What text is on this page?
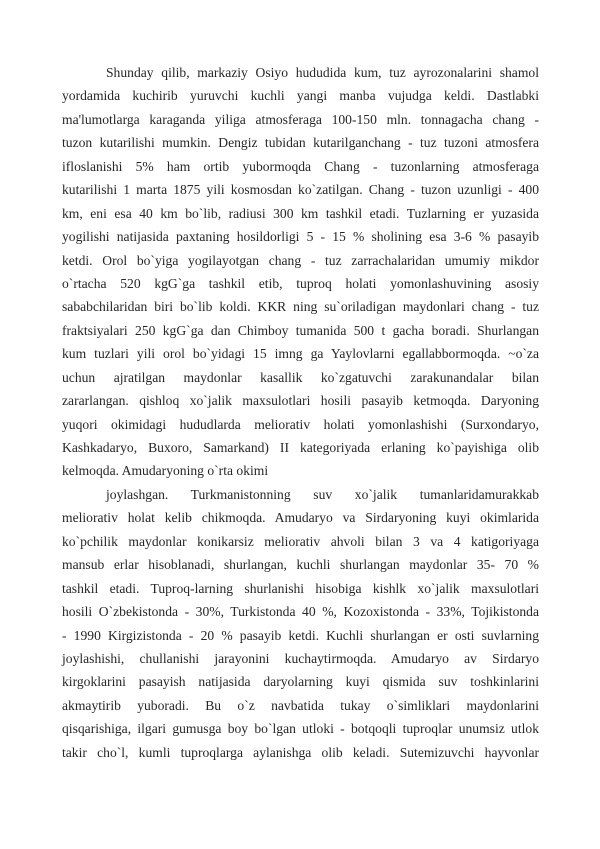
Shunday qilib, markaziy Osiyo hududida kum, tuz ayrozonalarini shamol
yordamida kuchirib yuruvchi kuchli yangi manba vujudga keldi. Dastlabki
ma'lumotlarga karaganda yiliga atmosferaga 100-150 mln. tonnagacha chang -
tuzon kutarilishi mumkin. Dengiz tubidan kutarilganchang - tuz tuzoni atmosfera
ifloslanishi 5% ham ortib yubormoqda Chang - tuzonlarning atmosferaga
kutarilishi 1 marta 1875 yili kosmosdan ko`zatilgan. Chang - tuzon uzunligi - 400
km, eni esa 40 km bo`lib, radiusi 300 km tashkil etadi. Tuzlarning er yuzasida
yogilishi natijasida paxtaning hosildorligi 5 - 15 % sholining esa 3-6 % pasayib
ketdi. Orol bo`yiga yogilayotgan chang - tuz zarrachalaridan umumiy mikdor
o`rtacha 520 kgG`ga tashkil etib, tuproq holati yomonlashuvining asosiy
sababchilaridan biri bo`lib koldi. KKR ning su`oriladigan maydonlari chang - tuz
fraktsiyalari 250 kgG`ga dan Chimboy tumanida 500 t gacha boradi. Shurlangan
kum tuzlari yili orol bo`yidagi 15 imng ga Yaylovlarni egallabbormoqda. ~o`za
uchun ajratilgan maydonlar kasallik ko`zgatuvchi zarakunandalar bilan
zararlangan. qishloq xo`jalik maxsulotlari hosili pasayib ketmoqda. Daryoning
yuqori okimidagi hududlarda meliorativ holati yomonlashishi (Surxondaryo,
Kashkadaryo, Buxoro, Samarkand) II kategoriyada erlaning ko`payishiga olib
kelmoqda. Amudaryoning o`rta okimi
joylashgan. Turkmanistonning suv xo`jalik tumanlaridamurakkab
meliorativ holat kelib chikmoqda. Amudaryo va Sirdaryoning kuyi okimlarida
ko`pchilik maydonlar konikarsiz meliorativ ahvoli bilan 3 va 4 katigoriyaga
mansub erlar hisoblanadi, shurlangan, kuchli shurlangan maydonlar 35- 70 %
tashkil etadi. Tuproq-larning shurlanishi hisobiga kishlk xo`jalik maxsulotlari
hosili O`zbekistonda - 30%, Turkistonda 40 %, Kozoxistonda - 33%, Tojikistonda
- 1990 Kirgizistonda - 20 % pasayib ketdi. Kuchli shurlangan er osti suvlarning
joylashishi, chullanishi jarayonini kuchaytirmoqda. Amudaryo av Sirdaryo
kirgoklarini pasayish natijasida daryolarning kuyi qismida suv toshkinlarini
akmaytirib yuboradi. Bu o`z navbatida tukay o`simliklari maydonlarini
qisqarishiga, ilgari gumusga boy bo`lgan utloki - botqoqli tuproqlar unumsiz utlok
takir cho`l, kumli tuproqlarga aylanishga olib keladi. Sutemizuvchi hayvonlar
